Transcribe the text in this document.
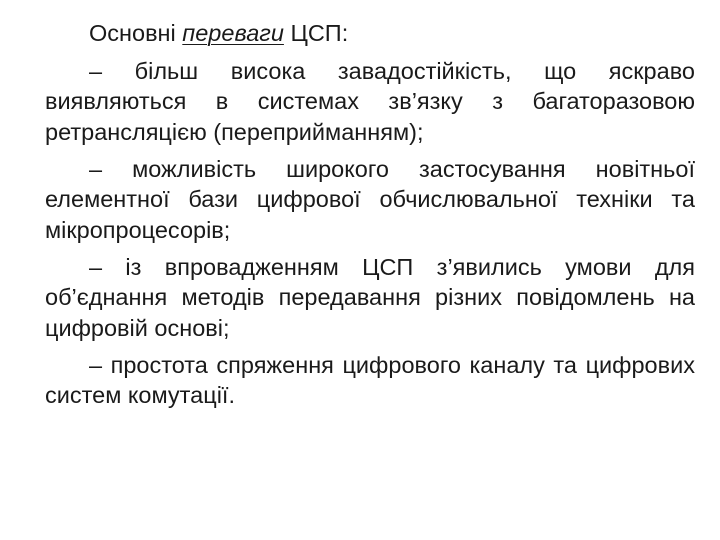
Основні переваги ЦСП:

– більш висока завадостійкість, що яскраво виявляються в системах зв’язку з багаторазовою ретрансляцією (переприйманням);

– можливість широкого застосування новітньої елементної бази цифрової обчислювальної техніки та мікропроцесорів;

– із впровадженням ЦСП з’явились умови для об’єднання методів передавання різних повідомлень на цифровій основі;

– простота спряження цифрового каналу та цифрових систем комутації.
